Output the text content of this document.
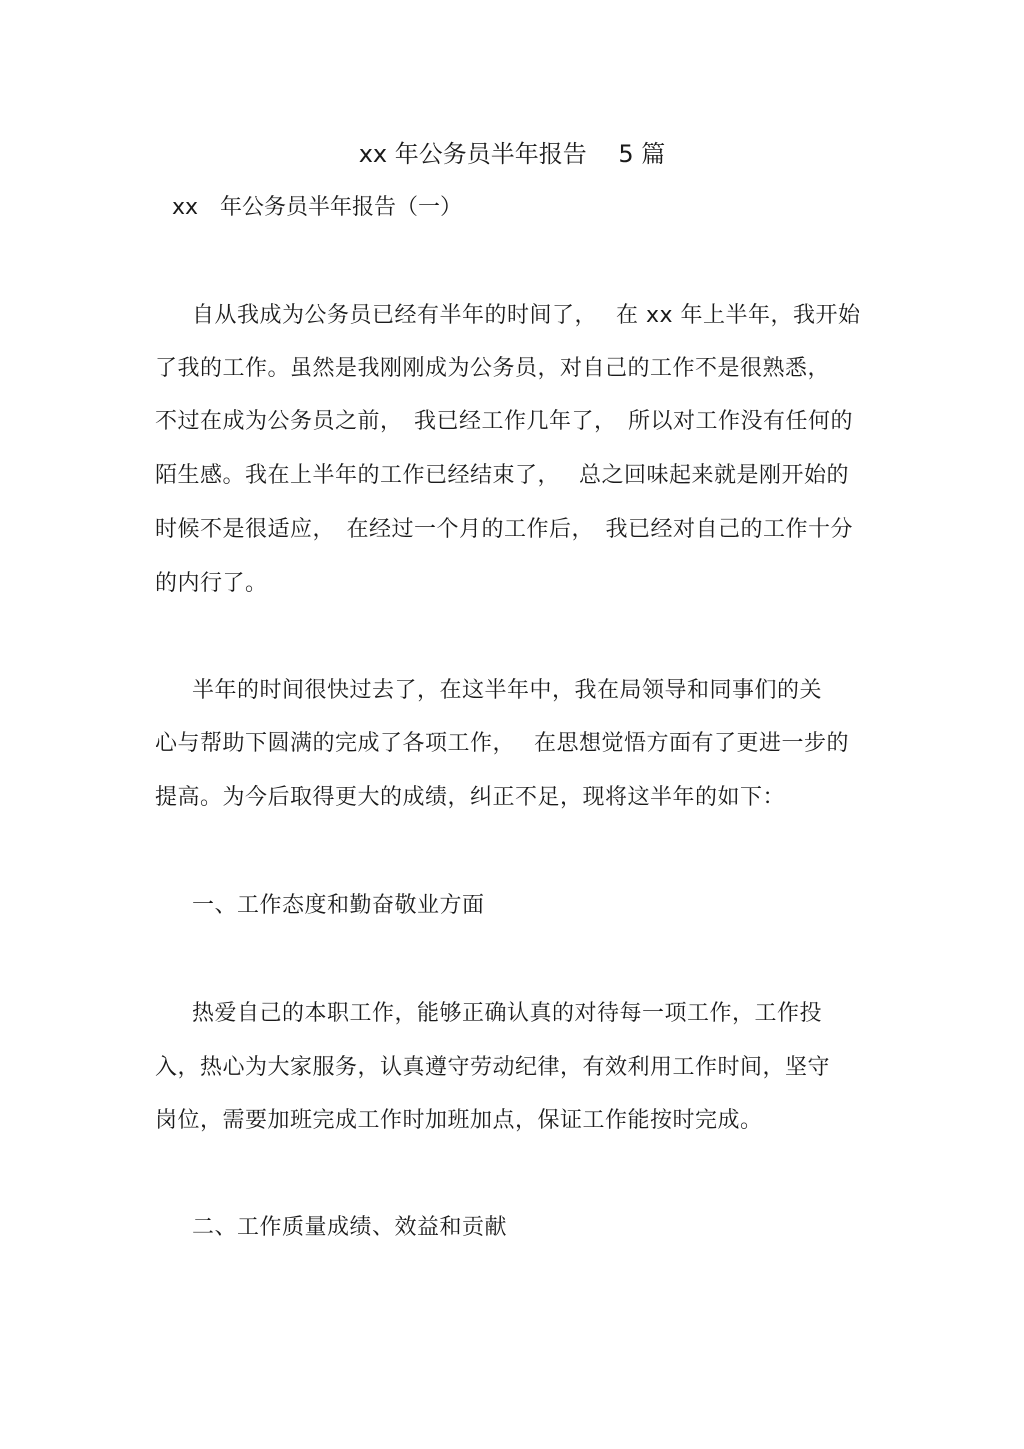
xx 年公务员半年报告　 5 篇
xx　年公务员半年报告（一）
自从我成为公务员已经有半年的时间了，　 在 xx 年上半年，我开始
了我的工作。虽然是我刚刚成为公务员，对自己的工作不是很熟悉，
不过在成为公务员之前，　我已经工作几年了，　所以对工作没有任何的
陌生感。我在上半年的工作已经结束了，　 总之回味起来就是刚开始的
时候不是很适应，　在经过一个月的工作后，　我已经对自己的工作十分
的内行了。
半年的时间很快过去了，在这半年中，我在局领导和同事们的关
心与帮助下圆满的完成了各项工作，　 在思想觉悟方面有了更进一步的
提高。为今后取得更大的成绩，纠正不足，现将这半年的如下：
一、工作态度和勤奋敬业方面
热爱自己的本职工作，能够正确认真的对待每一项工作，工作投
入，热心为大家服务，认真遵守劳动纪律，有效利用工作时间，坚守
岗位，需要加班完成工作时加班加点，保证工作能按时完成。
二、工作质量成绩、效益和贡献
